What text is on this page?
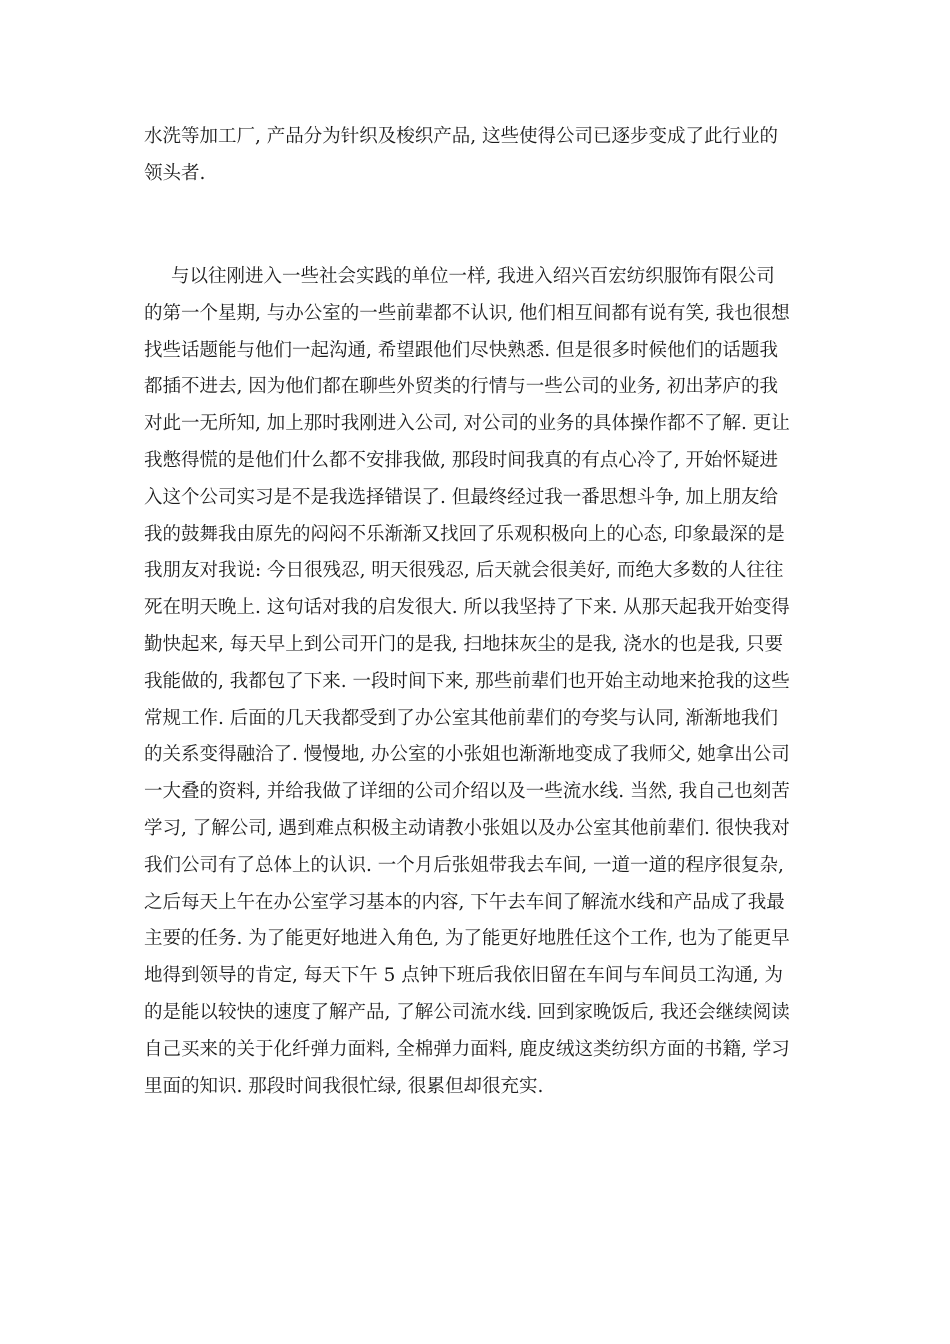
水洗等加工厂, 产品分为针织及梭织产品, 这些使得公司已逐步变成了此行业的
领头者.
与以往刚进入一些社会实践的单位一样, 我进入绍兴百宏纺织服饰有限公司
的第一个星期, 与办公室的一些前辈都不认识, 他们相互间都有说有笑, 我也很想
找些话题能与他们一起沟通, 希望跟他们尽快熟悉. 但是很多时候他们的话题我
都插不进去, 因为他们都在聊些外贸类的行情与一些公司的业务, 初出茅庐的我
对此一无所知, 加上那时我刚进入公司, 对公司的业务的具体操作都不了解. 更让
我憋得慌的是他们什么都不安排我做, 那段时间我真的有点心冷了, 开始怀疑进
入这个公司实习是不是我选择错误了. 但最终经过我一番思想斗争, 加上朋友给
我的鼓舞我由原先的闷闷不乐渐渐又找回了乐观积极向上的心态, 印象最深的是
我朋友对我说: 今日很残忍, 明天很残忍, 后天就会很美好, 而绝大多数的人往往
死在明天晚上. 这句话对我的启发很大. 所以我坚持了下来. 从那天起我开始变得
勤快起来, 每天早上到公司开门的是我, 扫地抹灰尘的是我, 浇水的也是我, 只要
我能做的, 我都包了下来. 一段时间下来, 那些前辈们也开始主动地来抢我的这些
常规工作. 后面的几天我都受到了办公室其他前辈们的夸奖与认同, 渐渐地我们
的关系变得融洽了. 慢慢地, 办公室的小张姐也渐渐地变成了我师父, 她拿出公司
一大叠的资料, 并给我做了详细的公司介绍以及一些流水线. 当然, 我自己也刻苦
学习, 了解公司, 遇到难点积极主动请教小张姐以及办公室其他前辈们. 很快我对
我们公司有了总体上的认识. 一个月后张姐带我去车间, 一道一道的程序很复杂,
之后每天上午在办公室学习基本的内容, 下午去车间了解流水线和产品成了我最
主要的任务. 为了能更好地进入角色, 为了能更好地胜任这个工作, 也为了能更早
地得到领导的肯定, 每天下午 5 点钟下班后我依旧留在车间与车间员工沟通, 为
的是能以较快的速度了解产品, 了解公司流水线. 回到家晚饭后, 我还会继续阅读
自己买来的关于化纤弹力面料, 全棉弹力面料, 鹿皮绒这类纺织方面的书籍, 学习
里面的知识. 那段时间我很忙绿, 很累但却很充实.
